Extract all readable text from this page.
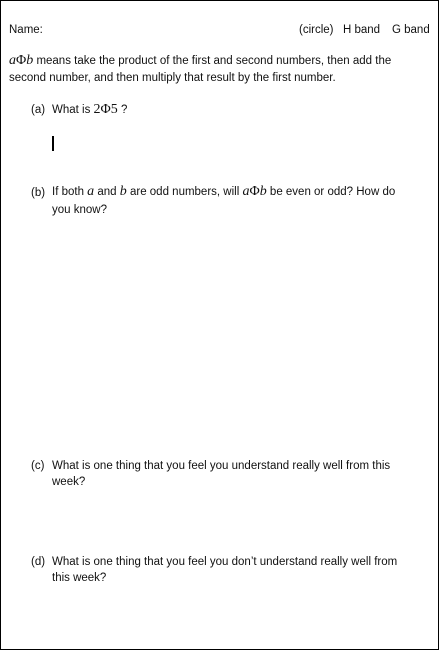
Name:	(circle) H band G band
aΦb means take the product of the first and second numbers, then add the
second number, and then multiply that result by the first number.
(a) What is 2Φ5 ?
(b) If both a and b are odd numbers, will aΦb be even or odd? How do
you know?
(c) What is one thing that you feel you understand really well from this
week?
(d) What is one thing that you feel you don’t understand really well from
this week?
